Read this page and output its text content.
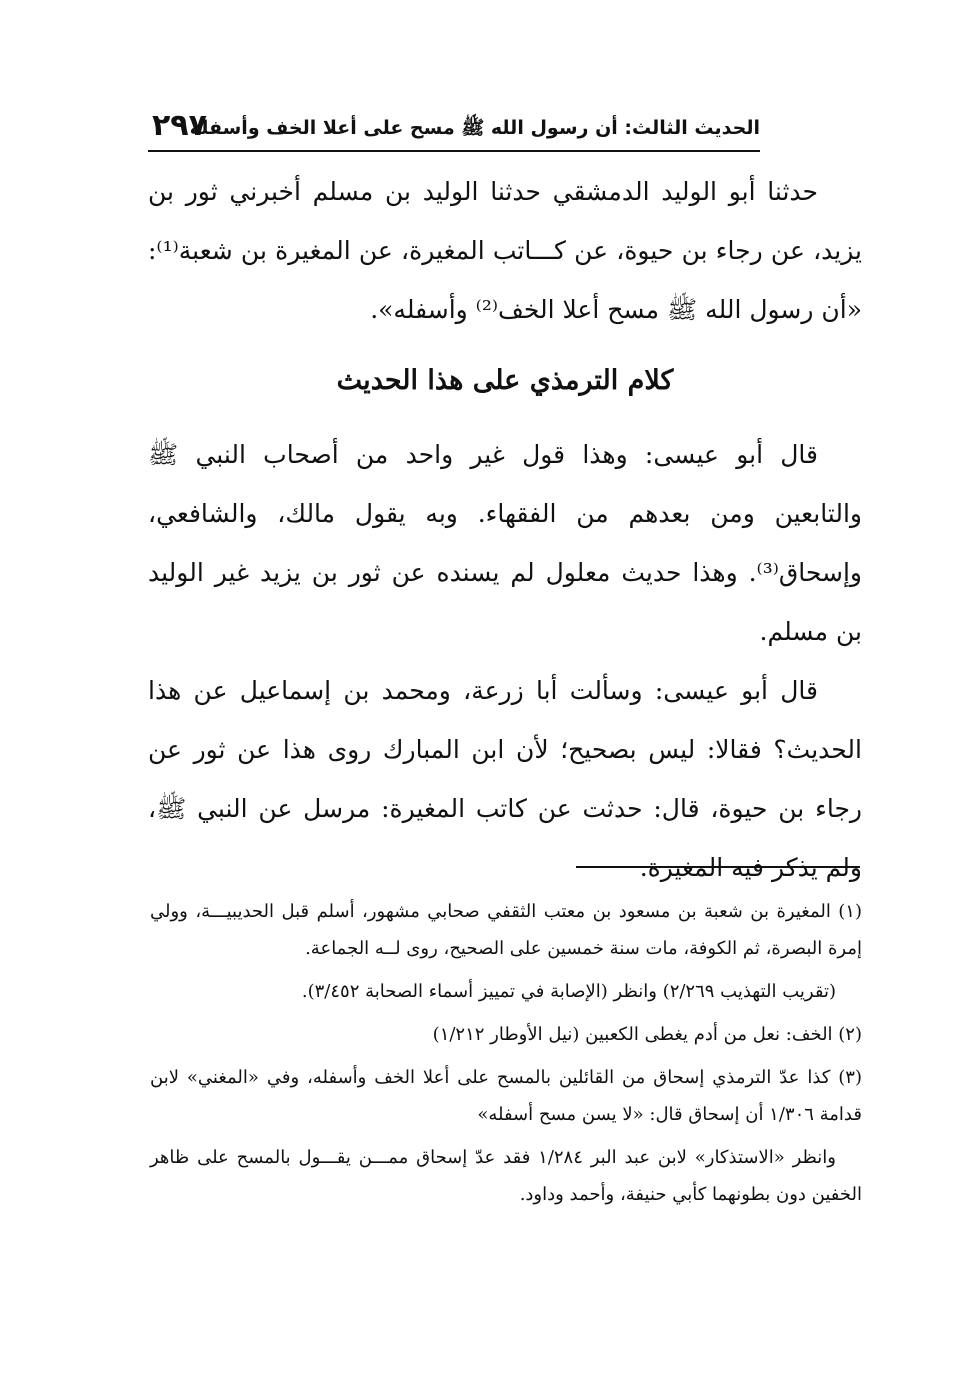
الحديث الثالث: أن رسول الله ﷺ مسح على أعلا الخف وأسفله
٢٩٧

حدثنا أبو الوليد الدمشقي حدثنا الوليد بن مسلم أخبرني ثور بن يزيد، عن رجاء بن حيوة، عن كـــاتب المغيرة، عن المغيرة بن شعبة⁽¹⁾: «أن رسول الله ﷺ مسح أعلا الخف⁽²⁾ وأسفله».

كلام الترمذي على هذا الحديث

قال أبو عيسى: وهذا قول غير واحد من أصحاب النبي ﷺ والتابعين ومن بعدهم من الفقهاء. وبه يقول مالك، والشافعي، وإسحاق⁽³⁾. وهذا حديث معلول لم يسنده عن ثور بن يزيد غير الوليد بن مسلم.

قال أبو عيسى: وسألت أبا زرعة، ومحمد بن إسماعيل عن هذا الحديث؟ فقالا: ليس بصحيح؛ لأن ابن المبارك روى هذا عن ثور عن رجاء بن حيوة، قال: حدثت عن كاتب المغيرة: مرسل عن النبي ﷺ، ولم يذكر فيه المغيرة.

(١) المغيرة بن شعبة بن مسعود بن معتب الثقفي صحابي مشهور، أسلم قبل الحديبيـــة، وولي إمرة البصرة، ثم الكوفة، مات سنة خمسين على الصحيح، روى لــه الجماعة.

(تقريب التهذيب ٢/٢٦٩) وانظر (الإصابة في تمييز أسماء الصحابة ٣/٤٥٢).

(٢) الخف: نعل من أدم يغطى الكعبين (نيل الأوطار ١/٢١٢)

(٣) كذا عدّ الترمذي إسحاق من القائلين بالمسح على أعلا الخف وأسفله، وفي «المغني» لابن قدامة ١/٣٠٦ أن إسحاق قال: «لا يسن مسح أسفله»

وانظر «الاستذكار» لابن عبد البر ١/٢٨٤ فقد عدّ إسحاق ممـــن يقـــول بالمسح على ظاهر الخفين دون بطونهما كأبي حنيفة، وأحمد وداود.
